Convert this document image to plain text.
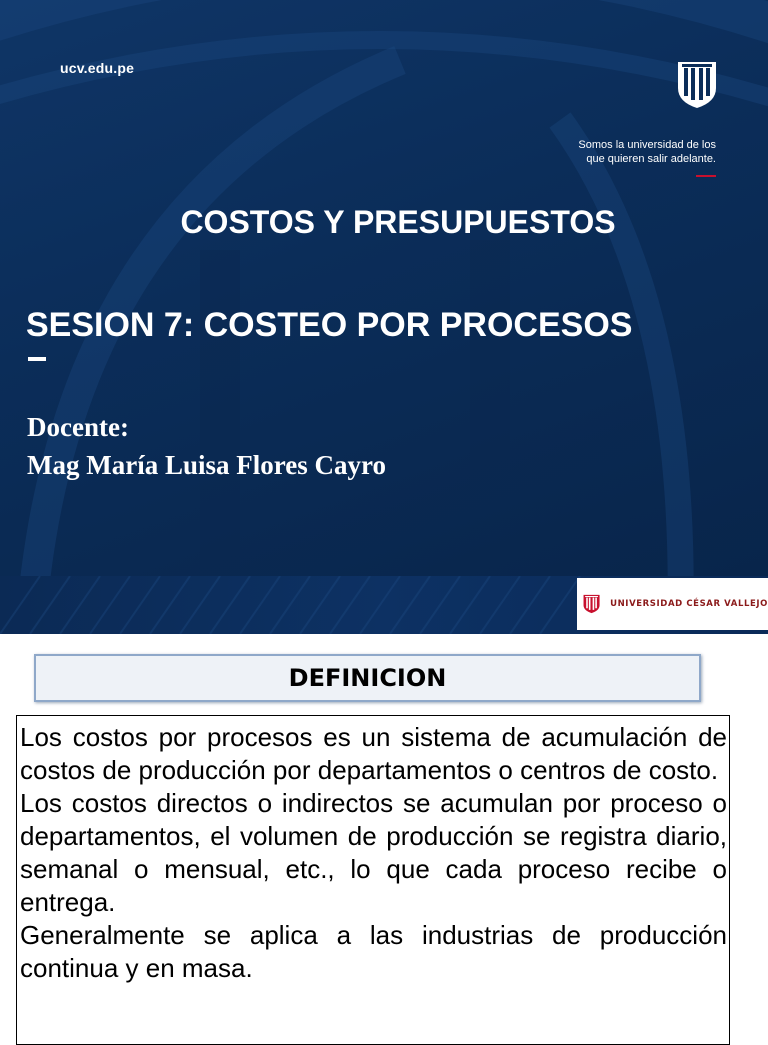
ucv.edu.pe
Somos la universidad de los
que quieren salir adelante.
COSTOS Y PRESUPUESTOS
SESION 7: COSTEO POR PROCESOS
Docente:
Mag María Luisa Flores Cayro
UNIVERSIDAD CÉSAR VALLEJO
DEFINICION

Los costos por procesos es un sistema de acumulación de costos de producción por departamentos o centros de costo.

Los costos directos o indirectos se acumulan por proceso o departamentos, el volumen de producción se registra diario, semanal o mensual, etc., lo que cada proceso recibe o entrega.

Generalmente se aplica a las industrias de producción continua y en masa.
